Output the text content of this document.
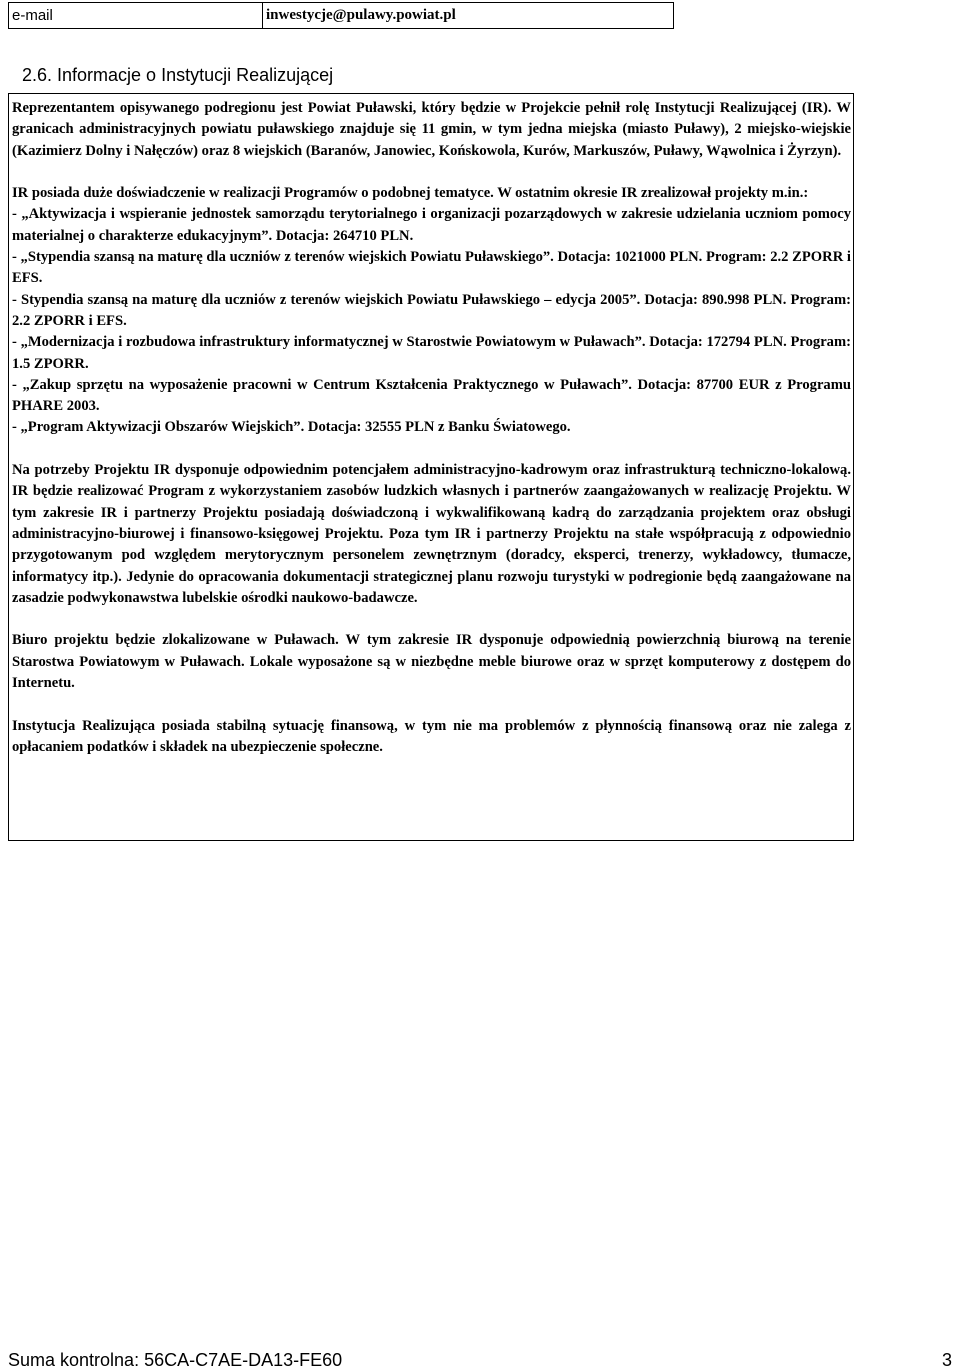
e-mail	inwestycje@pulawy.powiat.pl
2.6. Informacje o Instytucji Realizującej

Reprezentantem opisywanego podregionu jest Powiat Puławski, który będzie w Projekcie pełnił rolę Instytucji Realizującej (IR). W granicach administracyjnych powiatu puławskiego znajduje się 11 gmin, w tym jedna miejska (miasto Puławy), 2 miejsko-wiejskie (Kazimierz Dolny i Nałęczów) oraz 8 wiejskich (Baranów, Janowiec, Końskowola, Kurów, Markuszów, Puławy, Wąwolnica i Żyrzyn).

IR posiada duże doświadczenie w realizacji Programów o podobnej tematyce. W ostatnim okresie IR zrealizował projekty m.in.:

- „Aktywizacja i wspieranie jednostek samorządu terytorialnego i organizacji pozarządowych w zakresie udzielania uczniom pomocy materialnej o charakterze edukacyjnym”. Dotacja: 264710 PLN.

- „Stypendia szansą na maturę dla uczniów z terenów wiejskich Powiatu Puławskiego”. Dotacja: 1021000 PLN. Program: 2.2 ZPORR i EFS.

- Stypendia szansą na maturę dla uczniów z terenów wiejskich Powiatu Puławskiego – edycja 2005”. Dotacja: 890.998 PLN. Program: 2.2 ZPORR i EFS.

- „Modernizacja i rozbudowa infrastruktury informatycznej w Starostwie Powiatowym w Puławach”. Dotacja: 172794 PLN. Program: 1.5 ZPORR.

- „Zakup sprzętu na wyposażenie pracowni w Centrum Kształcenia Praktycznego w Puławach”. Dotacja: 87700 EUR z Programu PHARE 2003.

- „Program Aktywizacji Obszarów Wiejskich”. Dotacja: 32555 PLN z Banku Światowego.

Na potrzeby Projektu IR dysponuje odpowiednim potencjałem administracyjno-kadrowym oraz infrastrukturą techniczno-lokalową. IR będzie realizować Program z wykorzystaniem zasobów ludzkich własnych i partnerów zaangażowanych w realizację Projektu. W tym zakresie IR i partnerzy Projektu posiadają doświadczoną i wykwalifikowaną kadrą do zarządzania projektem oraz obsługi administracyjno-biurowej i finansowo-księgowej Projektu. Poza tym IR i partnerzy Projektu na stałe współpracują z odpowiednio przygotowanym pod względem merytorycznym personelem zewnętrznym (doradcy, eksperci, trenerzy, wykładowcy, tłumacze, informatycy itp.). Jedynie do opracowania dokumentacji strategicznej planu rozwoju turystyki w podregionie będą zaangażowane na zasadzie podwykonawstwa lubelskie ośrodki naukowo-badawcze.

Biuro projektu będzie zlokalizowane w Puławach. W tym zakresie IR dysponuje odpowiednią powierzchnią biurową na terenie Starostwa Powiatowym w Puławach. Lokale wyposażone są w niezbędne meble biurowe oraz w sprzęt komputerowy z dostępem do Internetu.

Instytucja Realizująca posiada stabilną sytuację finansową, w tym nie ma problemów z płynnością finansową oraz nie zalega z opłacaniem podatków i składek na ubezpieczenie społeczne.

Suma kontrolna: 56CA-C7AE-DA13-FE60	3
